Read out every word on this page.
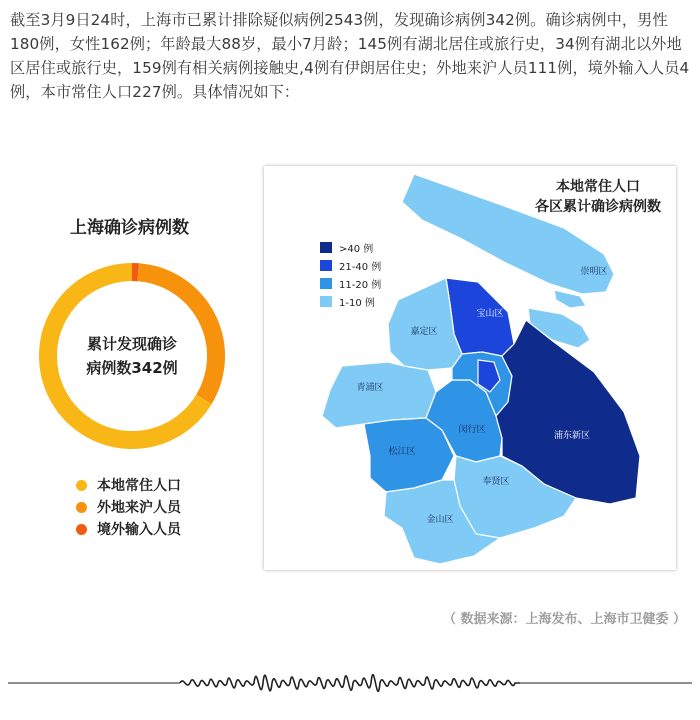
截至3月9日24时，上海市已累计排除疑似病例2543例，发现确诊病例342例。确诊病例中，男性180例，女性162例；年龄最大88岁，最小7月龄；145例有湖北居住或旅行史，34例有湖北以外地区居住或旅行史，159例有相关病例接触史,4例有伊朗居住史；外地来沪人员111例，境外输入人员4例，本市常住人口227例。具体情况如下：
上海确诊病例数
累计发现确诊
病例数342例
本地常住人口
外地来沪人员
境外输入人员
崇明区
宝山区
嘉定区
青浦区
松江区
闵行区
浦东新区
奉贤区
金山区
本地常住人口
各区累计确诊病例数
>40 例
21-40 例
11-20 例
1-10 例
（ 数据来源：上海发布、上海市卫健委 ）
